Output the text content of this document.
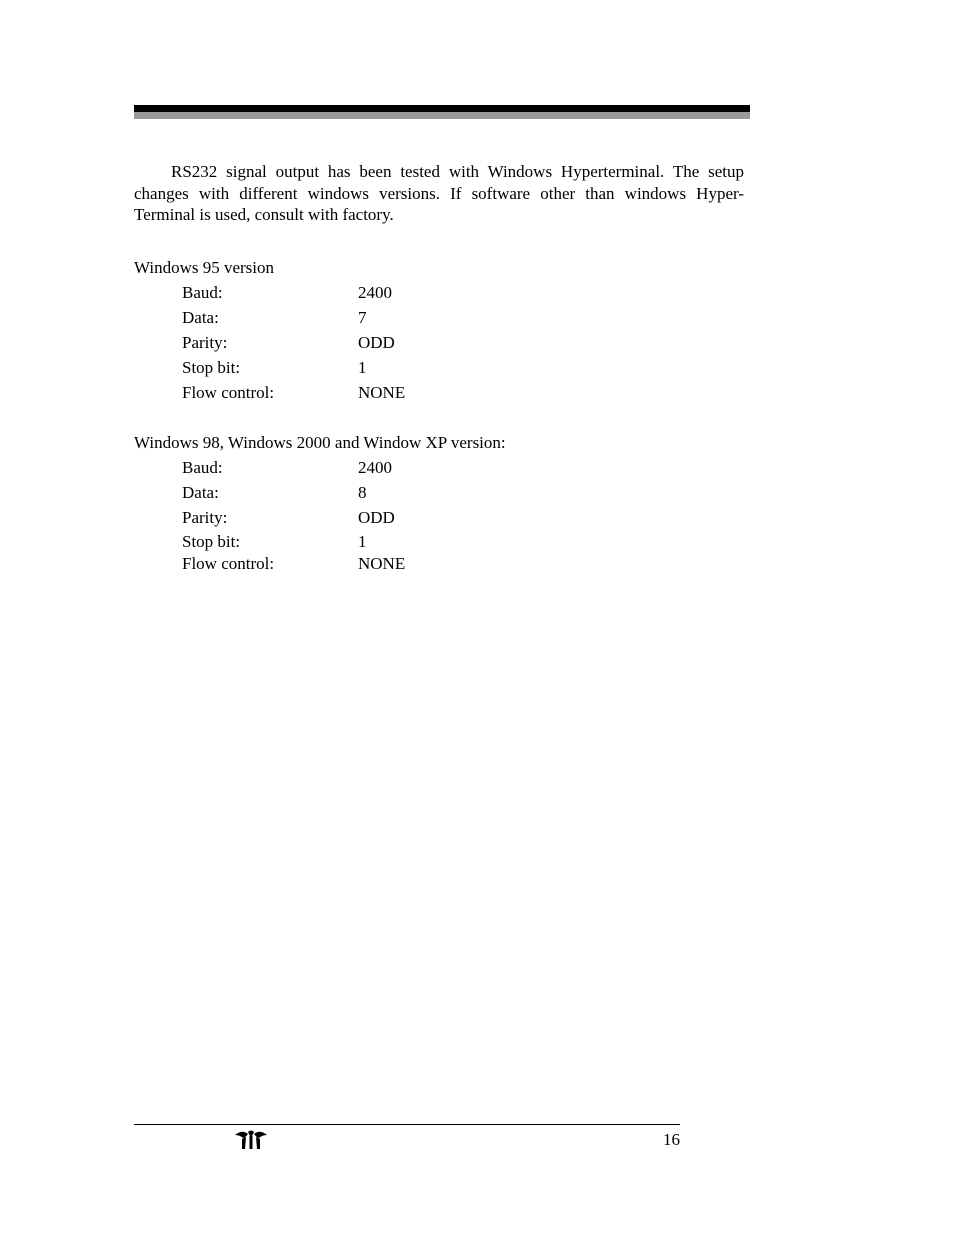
RS232 signal output has been tested with Windows Hyperterminal. The setup changes with different windows versions. If software other than windows Hyper-Terminal is used, consult with factory.

Windows 95 version
Baud:	2400
Data:	7
Parity:	ODD
Stop bit:	1
Flow control:	NONE
Windows 98, Windows 2000 and Window XP version:
Baud:	2400
Data:	8
Parity:	ODD
Stop bit:	1
Flow control:	NONE
16
